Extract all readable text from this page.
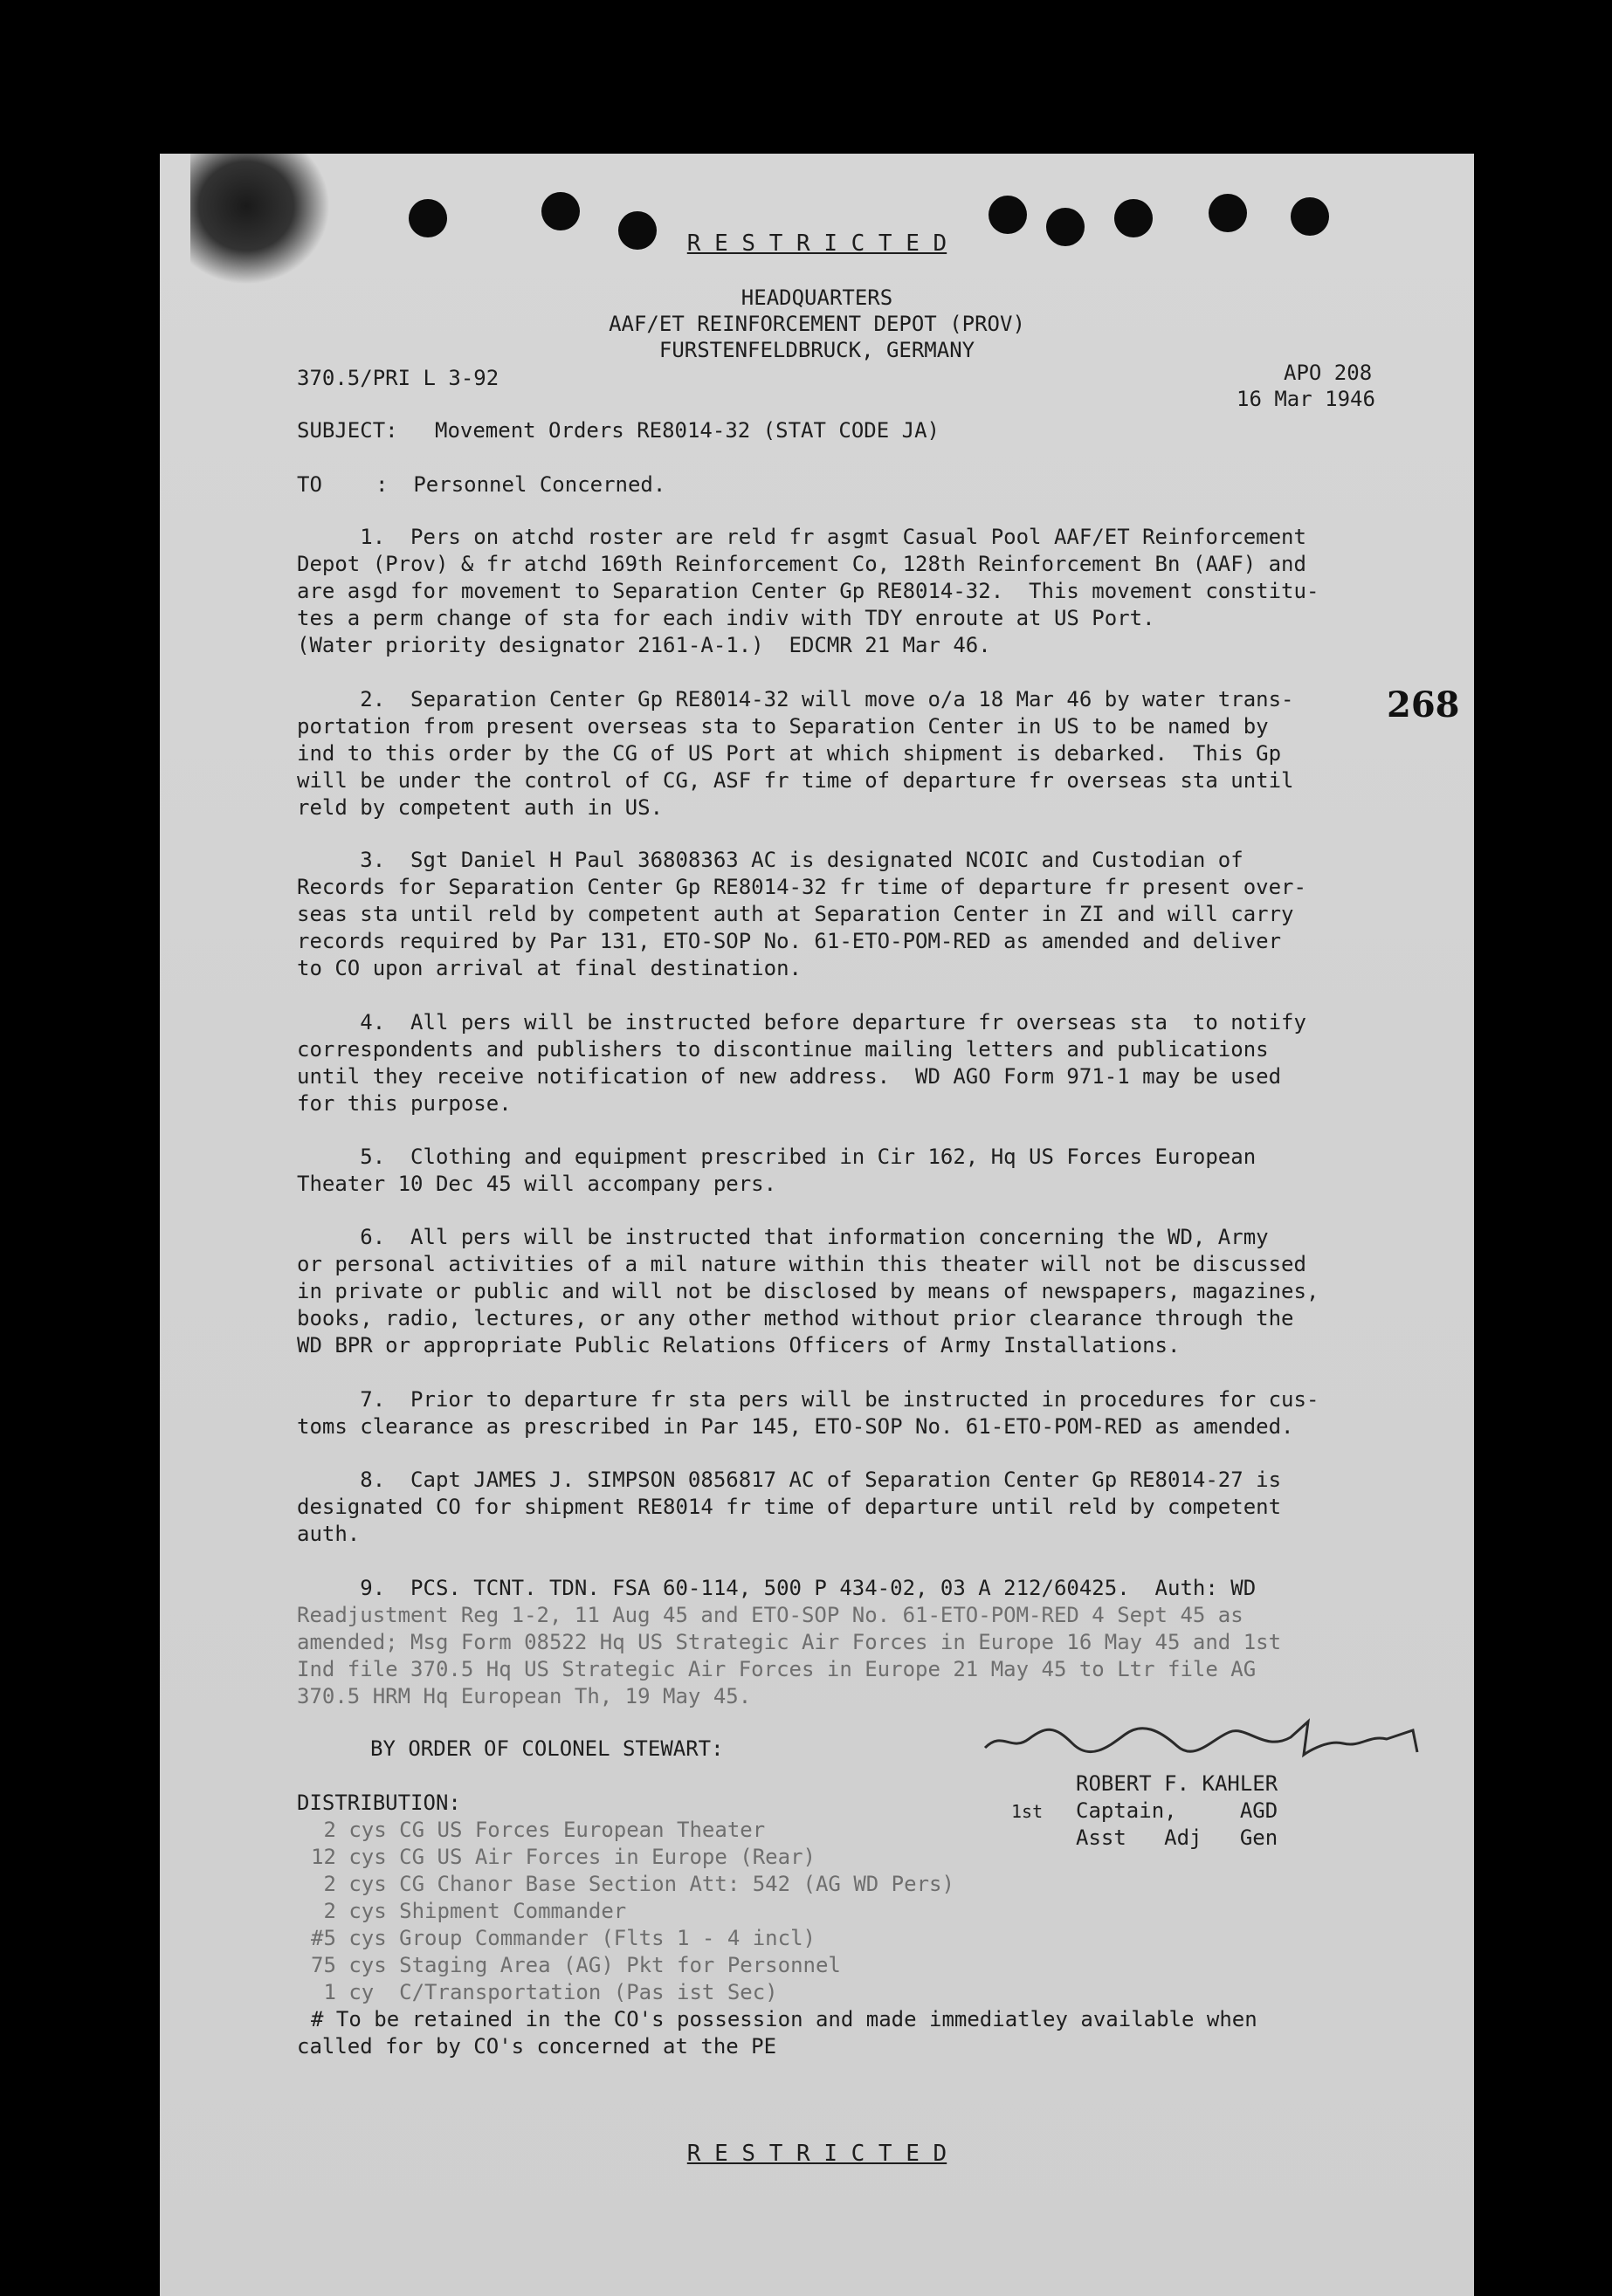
R E S T R I C T E D
HEADQUARTERS
AAF/ET REINFORCEMENT DEPOT (PROV)
FURSTENFELDBRUCK, GERMANY
370.5/PRI L 3-92	APO 208
16 Mar 1946
SUBJECT: Movement Orders RE8014-32 (STAT CODE JA)
TO	:  Personnel Concerned.
268
1.  Pers on atchd roster are reld fr asgmt Casual Pool AAF/ET Reinforcement
Depot (Prov) & fr atchd 169th Reinforcement Co, 128th Reinforcement Bn (AAF) and
are asgd for movement to Separation Center Gp RE8014-32.  This movement constitu-
tes a perm change of sta for each indiv with TDY enroute at US Port.
(Water priority designator 2161-A-1.)  EDCMR 21 Mar 46.
2.  Separation Center Gp RE8014-32 will move o/a 18 Mar 46 by water trans-
portation from present overseas sta to Separation Center in US to be named by
ind to this order by the CG of US Port at which shipment is debarked.  This Gp
will be under the control of CG, ASF fr time of departure fr overseas sta until
reld by competent auth in US.
3.  Sgt Daniel H Paul 36808363 AC is designated NCOIC and Custodian of
Records for Separation Center Gp RE8014-32 fr time of departure fr present over-
seas sta until reld by competent auth at Separation Center in ZI and will carry
records required by Par 131, ETO-SOP No. 61-ETO-POM-RED as amended and deliver
to CO upon arrival at final destination.
4.  All pers will be instructed before departure fr overseas sta  to notify
correspondents and publishers to discontinue mailing letters and publications
until they receive notification of new address.  WD AGO Form 971-1 may be used
for this purpose.
5.  Clothing and equipment prescribed in Cir 162, Hq US Forces European
Theater 10 Dec 45 will accompany pers.
6.  All pers will be instructed that information concerning the WD, Army
or personal activities of a mil nature within this theater will not be discussed
in private or public and will not be disclosed by means of newspapers, magazines,
books, radio, lectures, or any other method without prior clearance through the
WD BPR or appropriate Public Relations Officers of Army Installations.
7.  Prior to departure fr sta pers will be instructed in procedures for cus-
toms clearance as prescribed in Par 145, ETO-SOP No. 61-ETO-POM-RED as amended.
8.  Capt JAMES J. SIMPSON 0856817 AC of Separation Center Gp RE8014-27 is
designated CO for shipment RE8014 fr time of departure until reld by competent
auth.
9.  PCS. TCNT. TDN. FSA 60-114, 500 P 434-02, 03 A 212/60425.  Auth: WD
Readjustment Reg 1-2, 11 Aug 45 and ETO-SOP No. 61-ETO-POM-RED 4 Sept 45 as
amended; Msg Form 08522 Hq US Strategic Air Forces in Europe 16 May 45 and 1st
Ind file 370.5 Hq US Strategic Air Forces in Europe 21 May 45 to Ltr file AG
370.5 HRM Hq European Th, 19 May 45.
BY ORDER OF COLONEL STEWART:
1st
ROBERT F. KAHLER
Captain,     AGD
Asst   Adj   Gen
DISTRIBUTION:
2 cys CG US Forces European Theater
12 cys CG US Air Forces in Europe (Rear)
2 cys CG Chanor Base Section Att: 542 (AG WD Pers)
2 cys Shipment Commander
#5 cys Group Commander (Flts 1 - 4 incl)
75 cys Staging Area (AG) Pkt for Personnel
1 cy  C/Transportation (Pas ist Sec)
# To be retained in the CO's possession and made immediatley available when
called for by CO's concerned at the PE
R E S T R I C T E D
